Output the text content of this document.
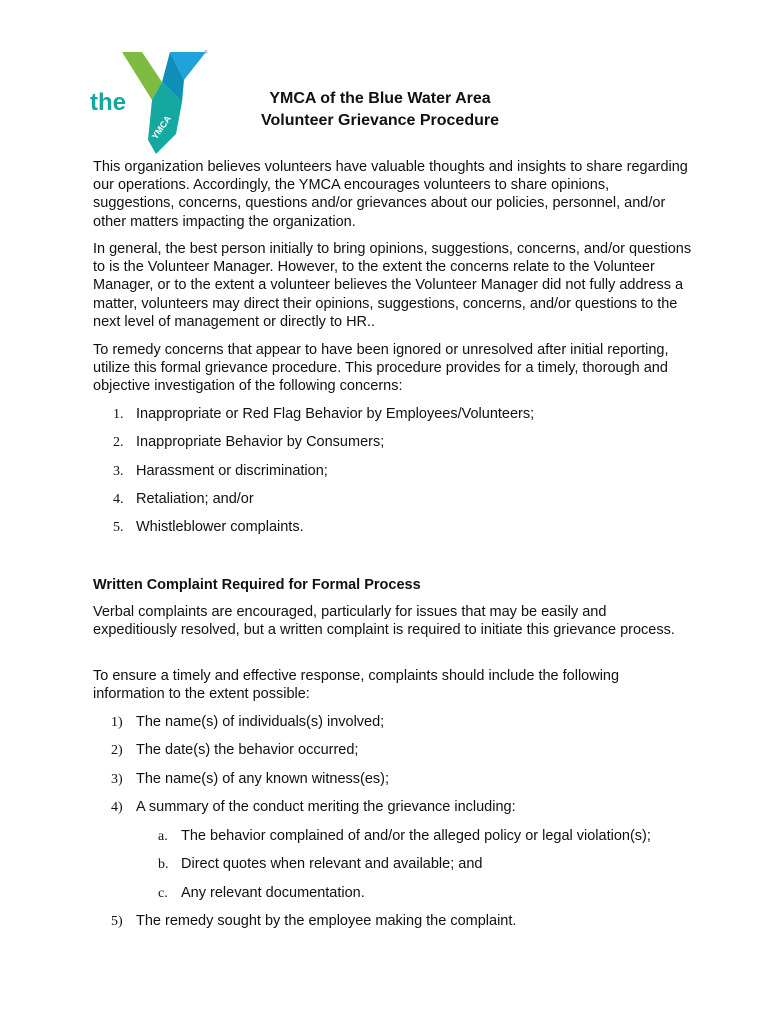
the
YMCA
®
YMCA of the Blue Water Area
Volunteer Grievance Procedure

This organization believes volunteers have valuable thoughts and insights to share regarding our operations. Accordingly, the YMCA encourages volunteers to share opinions, suggestions, concerns, questions and/or grievances about our policies, personnel, and/or other matters impacting the organization.

In general, the best person initially to bring opinions, suggestions, concerns, and/or questions to is the Volunteer Manager. However, to the extent the concerns relate to the Volunteer Manager, or to the extent a volunteer believes the Volunteer Manager did not fully address a matter, volunteers may direct their opinions, suggestions, concerns, and/or questions to the next level of management or directly to HR..

To remedy concerns that appear to have been ignored or unresolved after initial reporting, utilize this formal grievance procedure. This procedure provides for a timely, thorough and objective investigation of the following concerns:

1. Inappropriate or Red Flag Behavior by Employees/Volunteers;
2. Inappropriate Behavior by Consumers;
3. Harassment or discrimination;
4. Retaliation; and/or
5. Whistleblower complaints.
Written Complaint Required for Formal Process

Verbal complaints are encouraged, particularly for issues that may be easily and expeditiously resolved, but a written complaint is required to initiate this grievance process.

To ensure a timely and effective response, complaints should include the following information to the extent possible:

1) The name(s) of individuals(s) involved;
2) The date(s) the behavior occurred;
3) The name(s) of any known witness(es);
4) A summary of the conduct meriting the grievance including:
a. The behavior complained of and/or the alleged policy or legal violation(s);
b. Direct quotes when relevant and available; and
c. Any relevant documentation.
5) The remedy sought by the employee making the complaint.
